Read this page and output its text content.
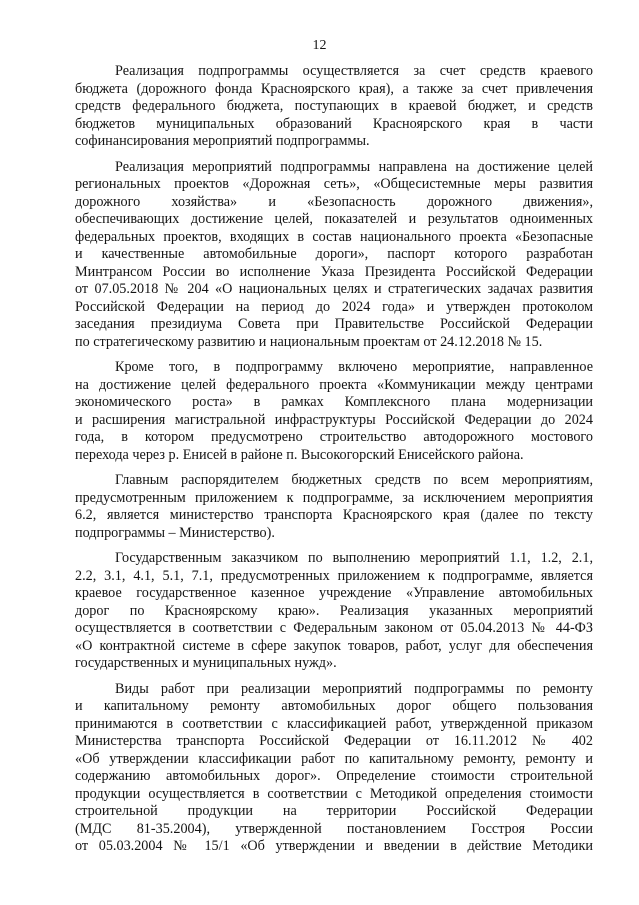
12

Реализация подпрограммы осуществляется за счет средств краевого
бюджета (дорожного фонда Красноярского края), а также за счет привлечения
средств федерального бюджета, поступающих в краевой бюджет, и средств
бюджетов муниципальных образований Красноярского края в части
софинансирования мероприятий подпрограммы.

Реализация мероприятий подпрограммы направлена на достижение целей
региональных проектов «Дорожная сеть», «Общесистемные меры развития
дорожного хозяйства» и «Безопасность дорожного движения»,
обеспечивающих достижение целей, показателей и результатов одноименных
федеральных проектов, входящих в состав национального проекта «Безопасные
и качественные автомобильные дороги», паспорт которого разработан
Минтрансом России во исполнение Указа Президента Российской Федерации
от 07.05.2018 № 204 «О национальных целях и стратегических задачах развития
Российской Федерации на период до 2024 года» и утвержден протоколом
заседания президиума Совета при Правительстве Российской Федерации
по стратегическому развитию и национальным проектам от 24.12.2018 № 15.

Кроме того, в подпрограмму включено мероприятие, направленное
на достижение целей федерального проекта «Коммуникации между центрами
экономического роста» в рамках Комплексного плана модернизации
и расширения магистральной инфраструктуры Российской Федерации до 2024
года, в котором предусмотрено строительство автодорожного мостового
перехода через р. Енисей в районе п. Высокогорский Енисейского района.

Главным распорядителем бюджетных средств по всем мероприятиям,
предусмотренным приложением к подпрограмме, за исключением мероприятия
6.2, является министерство транспорта Красноярского края (далее по тексту
подпрограммы – Министерство).

Государственным заказчиком по выполнению мероприятий 1.1, 1.2, 2.1,
2.2, 3.1, 4.1, 5.1, 7.1, предусмотренных приложением к подпрограмме, является
краевое государственное казенное учреждение «Управление автомобильных
дорог по Красноярскому краю». Реализация указанных мероприятий
осуществляется в соответствии с Федеральным законом от 05.04.2013 № 44-ФЗ
«О контрактной системе в сфере закупок товаров, работ, услуг для обеспечения
государственных и муниципальных нужд».

Виды работ при реализации мероприятий подпрограммы по ремонту
и капитальному ремонту автомобильных дорог общего пользования
принимаются в соответствии с классификацией работ, утвержденной приказом
Министерства транспорта Российской Федерации от 16.11.2012 № 402
«Об утверждении классификации работ по капитальному ремонту, ремонту и
содержанию автомобильных дорог». Определение стоимости строительной
продукции осуществляется в соответствии с Методикой определения стоимости
строительной продукции на территории Российской Федерации
(МДС 81-35.2004), утвержденной постановлением Госстроя России
от 05.03.2004 № 15/1 «Об утверждении и введении в действие Методики
